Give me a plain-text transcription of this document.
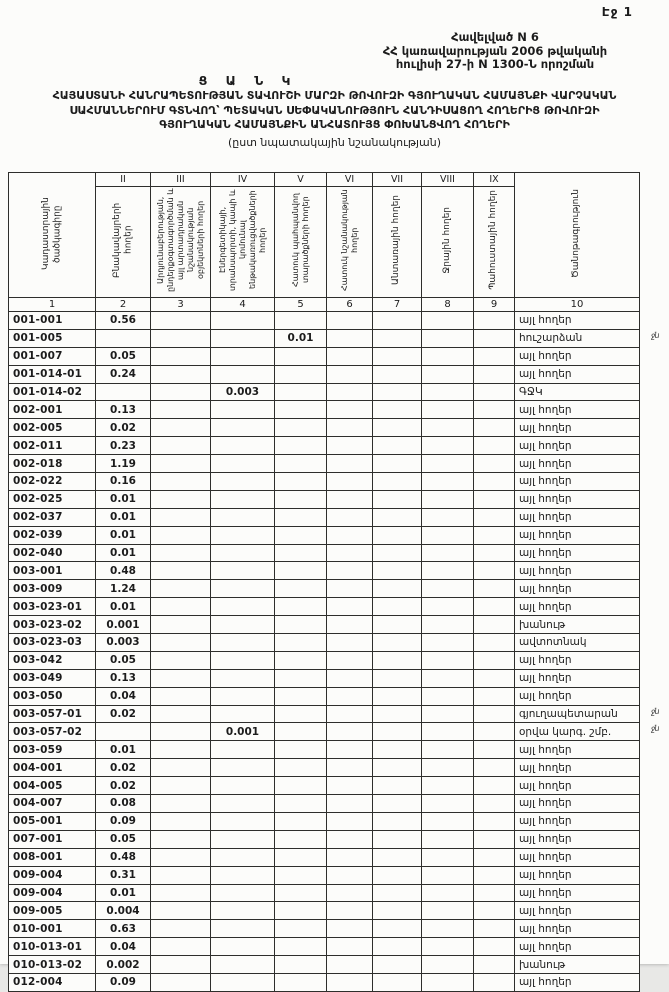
Էջ 1
Հավելված N 6
ՀՀ կառավարության 2006 թվականի
հուլիսի 27-ի N 1300-Ն որոշման
Ց Ա Ն Կ
ՀԱՅԱՍՏԱՆԻ ՀԱՆՐԱՊԵՏՈՒԹՅԱՆ ՏԱՎՈՒՇԻ ՄԱՐԶԻ ԹՈՎՈՒԶԻ ԳՅՈՒՂԱԿԱՆ ՀԱՄԱՅՆՔԻ ՎԱՐՉԱԿԱՆ
ՍԱՀՄԱՆՆԵՐՈՒՄ ԳՏՆՎՈՂ՝ ՊԵՏԱԿԱՆ ՍԵՓԱԿԱՆՈՒԹՅՈՒՆ ՀԱՆԴԻՍԱՑՈՂ ՀՈՂԵՐԻՑ ԹՈՎՈՒԶԻ
ԳՅՈՒՂԱԿԱՆ ՀԱՄԱՅՆՔԻՆ ԱՆՀԱՏՈՒՅՑ ՓՈԽԱՆՑՎՈՂ ՀՈՂԵՐԻ
(ըստ նպատակային նշանակության)
Կադաստրային ծածկագիրը	II	III	IV	V	VI	VII	VIII	IX	Ծանոթագրություն
	Բնակավայրերի հողեր	Արդյունաբերության, ընդերքօգտագործման և այլ արտադրական նշանակության օբյեկտների հողեր	Էներգետիկայի, տրանսպորտի, կապի և կոմունալ ենթակառուցվածքների հողեր	Հատուկ պահպանվող տարածքների հողեր	Հատուկ նշանակության հողեր	Անտառային հողեր	Ջրային հողեր	Պահուստային հողեր	
1	2	3	4	5	6	7	8	9	10
001-001	0.56								այլ հողեր
001-005				0.01					հուշարձան ջն

001-007	0.05								այլ հողեր
001-014-01	0.24								այլ հողեր
001-014-02			0.003						ԳՋԿ
002-001	0.13								այլ հողեր
002-005	0.02								այլ հողեր
002-011	0.23								այլ հողեր
002-018	1.19								այլ հողեր
002-022	0.16								այլ հողեր
002-025	0.01								այլ հողեր
002-037	0.01								այլ հողեր
002-039	0.01								այլ հողեր
002-040	0.01								այլ հողեր
003-001	0.48								այլ հողեր
003-009	1.24								այլ հողեր
003-023-01	0.01								այլ հողեր
003-023-02	0.001								խանութ
003-023-03	0.003								ավտոտնակ
003-042	0.05								այլ հողեր
003-049	0.13								այլ հողեր
003-050	0.04								այլ հողեր
003-057-01	0.02								գյուղապետարան ջն

003-057-02			0.001						օրվա կարգ. շմբ. ջն

003-059	0.01								այլ հողեր
004-001	0.02								այլ հողեր
004-005	0.02								այլ հողեր
004-007	0.08								այլ հողեր
005-001	0.09								այլ հողեր
007-001	0.05								այլ հողեր
008-001	0.48								այլ հողեր
009-004	0.31								այլ հողեր
009-004	0.01								այլ հողեր
009-005	0.004								այլ հողեր
010-001	0.63								այլ հողեր
010-013-01	0.04								այլ հողեր
010-013-02	0.002								խանութ
012-004	0.09								այլ հողեր
